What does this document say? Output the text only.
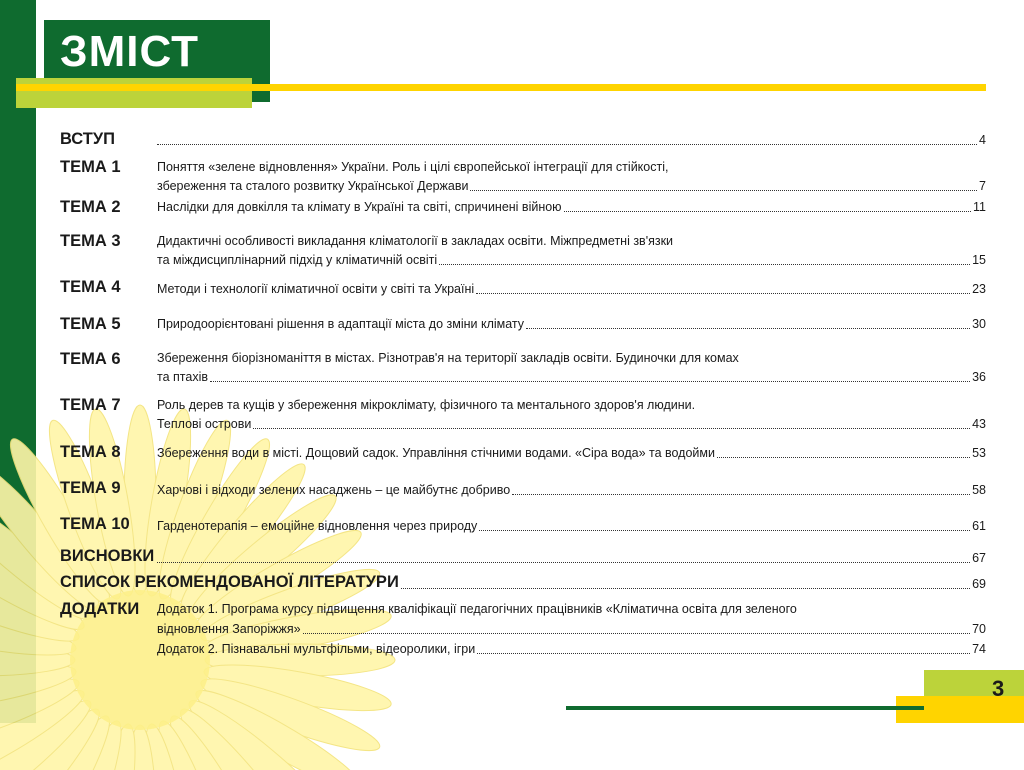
ЗМІСТ
ВСТУП	4
ТЕМА 1	Поняття «зелене відновлення» України. Роль і цілі європейської інтеграції для стійкості,
збереження та сталого розвитку Української Держави	7
ТЕМА 2	Наслідки для довкілля та клімату в Україні та світі, спричинені війною	11
ТЕМА 3	Дидактичні особливості викладання кліматології в закладах освіти. Міжпредметні зв'язки
та міждисциплінарний підхід у кліматичній освіті	15
ТЕМА 4	Методи і технології кліматичної освіти у світі та Україні	23
ТЕМА 5	Природоорієнтовані рішення в адаптації міста до зміни клімату	30
ТЕМА 6	Збереження біорізноманіття в містах. Різнотрав'я на території закладів освіти. Будиночки для комах
та птахів	36
ТЕМА 7	Роль дерев та кущів у збереження мікроклімату, фізичного та ментального здоров'я людини.
Теплові острови	43
ТЕМА 8	Збереження води в місті. Дощовий садок. Управління стічними водами. «Сіра вода» та водойми	53
ТЕМА 9	Харчові і відходи зелених насаджень – це майбутнє добриво	58
ТЕМА 10 Гарденотерапія – емоційне відновлення через природу	61
ВИСНОВКИ	67
СПИСОК РЕКОМЕНДОВАНОЇ ЛІТЕРАТУРИ	69
ДОДАТКИ Додаток 1. Програма курсу підвищення кваліфікації педагогічних працівників «Кліматична освіта для зеленого
відновлення Запоріжжя»	70
Додаток 2. Пізнавальні мультфільми, відеоролики, ігри	74
3
